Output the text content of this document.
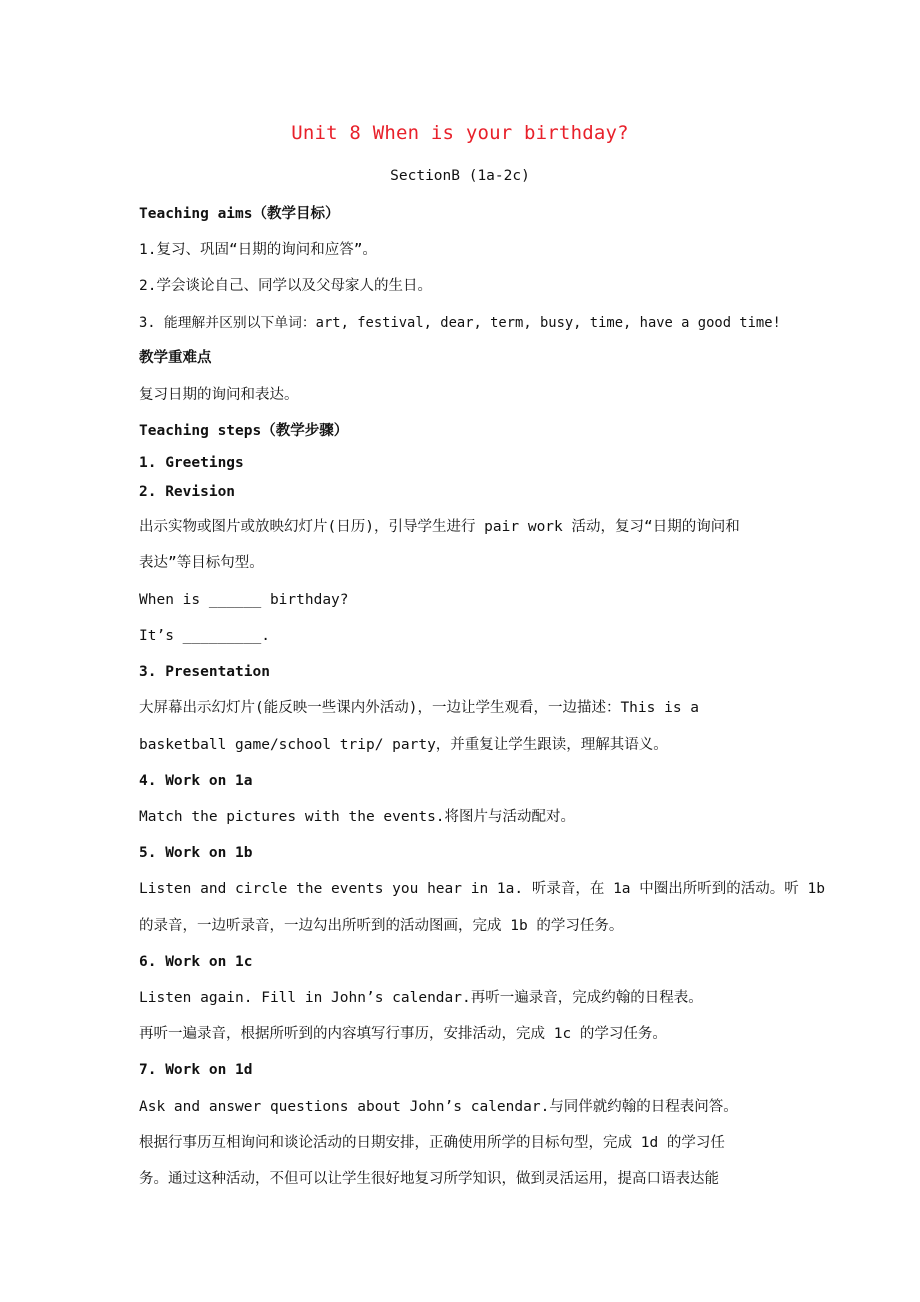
Unit 8 When is your birthday?
SectionB (1a-2c)
Teaching aims（教学目标）
1.复习、巩固“日期的询问和应答”。
2.学会谈论自己、同学以及父母家人的生日。
3. 能理解并区别以下单词：art, festival, dear, term, busy, time, have a good time!
教学重难点
复习日期的询问和表达。
Teaching steps（教学步骤）
1. Greetings
2. Revision
出示实物或图片或放映幻灯片(日历)，引导学生进行 pair work 活动，复习“日期的询问和
表达”等目标句型。
When is ______ birthday?
It’s _________.
3. Presentation
大屏幕出示幻灯片(能反映一些课内外活动)，一边让学生观看，一边描述：This is a
basketball game/school trip/ party，并重复让学生跟读，理解其语义。
4. Work on 1a
Match the pictures with the events.将图片与活动配对。
5. Work on 1b
Listen and circle the events you hear in 1a. 听录音，在 1a 中圈出所听到的活动。听 1b
的录音，一边听录音，一边勾出所听到的活动图画，完成 1b 的学习任务。
6. Work on 1c
Listen again. Fill in John’s calendar.再听一遍录音，完成约翰的日程表。
再听一遍录音，根据所听到的内容填写行事历，安排活动，完成 1c 的学习任务。
7. Work on 1d
Ask and answer questions about John’s calendar.与同伴就约翰的日程表问答。
根据行事历互相询问和谈论活动的日期安排，正确使用所学的目标句型，完成 1d 的学习任
务。通过这种活动，不但可以让学生很好地复习所学知识，做到灵活运用，提高口语表达能
